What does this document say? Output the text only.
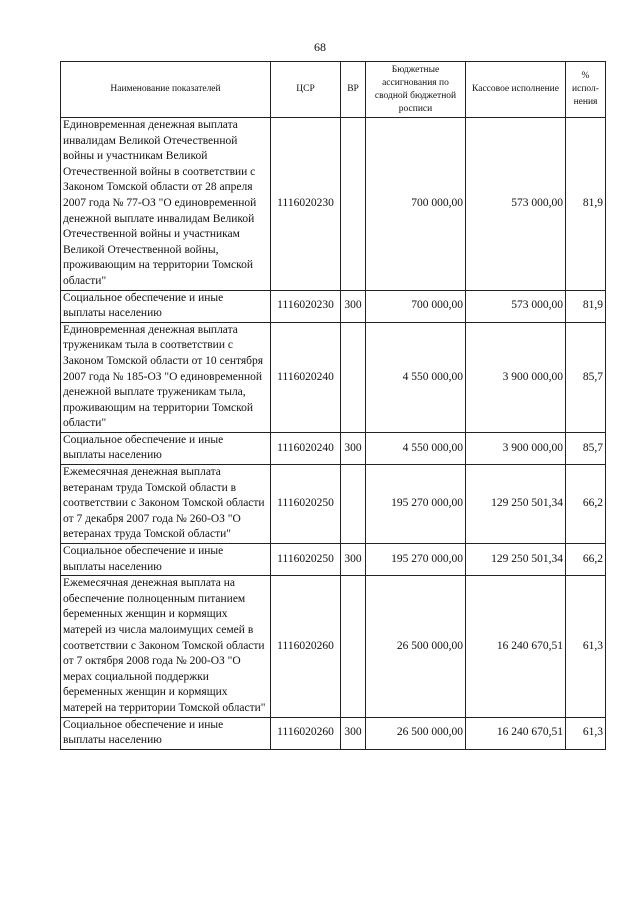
68
Наименование показателей	ЦСР	ВР	Бюджетные ассигнования по сводной бюджетной росписи	Кассовое исполнение	% испол-нения
Единовременная денежная выплата инвалидам Великой Отечественной войны и участникам Великой Отечественной войны в соответствии с Законом Томской области от 28 апреля 2007 года № 77-ОЗ "О единовременной денежной выплате инвалидам Великой Отечественной войны и участникам Великой Отечественной войны, проживающим на территории Томской области"	1116020230		700 000,00	573 000,00	81,9
Социальное обеспечение и иные выплаты населению	1116020230	300	700 000,00	573 000,00	81,9
Единовременная денежная выплата труженикам тыла в соответствии с Законом Томской области от 10 сентября 2007 года № 185-ОЗ "О единовременной денежной выплате труженикам тыла, проживающим на территории Томской области"	1116020240		4 550 000,00	3 900 000,00	85,7
Социальное обеспечение и иные выплаты населению	1116020240	300	4 550 000,00	3 900 000,00	85,7
Ежемесячная денежная выплата ветеранам труда Томской области в соответствии с Законом Томской области от 7 декабря 2007 года № 260-ОЗ "О ветеранах труда Томской области"	1116020250		195 270 000,00	129 250 501,34	66,2
Социальное обеспечение и иные выплаты населению	1116020250	300	195 270 000,00	129 250 501,34	66,2
Ежемесячная денежная выплата на обеспечение полноценным питанием беременных женщин и кормящих матерей из числа малоимущих семей в соответствии с Законом Томской области от 7 октября 2008 года № 200-ОЗ "О мерах социальной поддержки беременных женщин и кормящих матерей на территории Томской области"	1116020260		26 500 000,00	16 240 670,51	61,3
Социальное обеспечение и иные выплаты населению	1116020260	300	26 500 000,00	16 240 670,51	61,3
